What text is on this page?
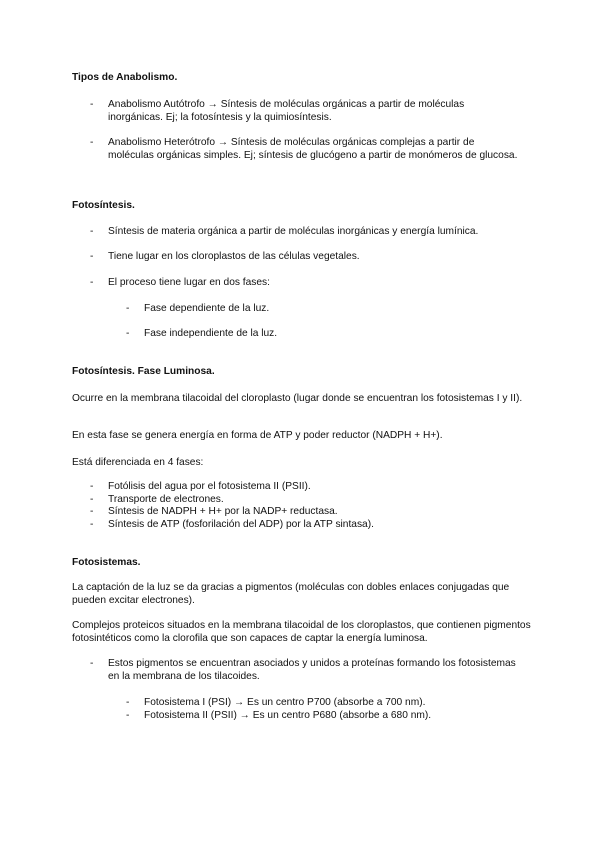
Tipos de Anabolismo.
- Anabolismo Autótrofo → Síntesis de moléculas orgánicas a partir de moléculas inorgánicas. Ej; la fotosíntesis y la quimiosíntesis.
- Anabolismo Heterótrofo → Síntesis de moléculas orgánicas complejas a partir de moléculas orgánicas simples. Ej; síntesis de glucógeno a partir de monómeros de glucosa.
Fotosíntesis.
- Síntesis de materia orgánica a partir de moléculas inorgánicas y energía lumínica.
- Tiene lugar en los cloroplastos de las células vegetales.
- El proceso tiene lugar en dos fases:
- Fase dependiente de la luz.
- Fase independiente de la luz.
Fotosíntesis. Fase Luminosa.
Ocurre en la membrana tilacoidal del cloroplasto (lugar donde se encuentran los fotosistemas I y II).
En esta fase se genera energía en forma de ATP y poder reductor (NADPH + H+).
Está diferenciada en 4 fases:
- Fotólisis del agua por el fotosistema II (PSII).
- Transporte de electrones.
- Síntesis de NADPH + H+ por la NADP+ reductasa.
- Síntesis de ATP (fosforilación del ADP) por la ATP sintasa).
Fotosistemas.
La captación de la luz se da gracias a pigmentos (moléculas con dobles enlaces conjugadas que pueden excitar electrones).
Complejos proteicos situados en la membrana tilacoidal de los cloroplastos, que contienen pigmentos fotosintéticos como la clorofila que son capaces de captar la energía luminosa.
- Estos pigmentos se encuentran asociados y unidos a proteínas formando los fotosistemas en la membrana de los tilacoides.
- Fotosistema I (PSI) → Es un centro P700 (absorbe a 700 nm).
- Fotosistema II (PSII) → Es un centro P680 (absorbe a 680 nm).
